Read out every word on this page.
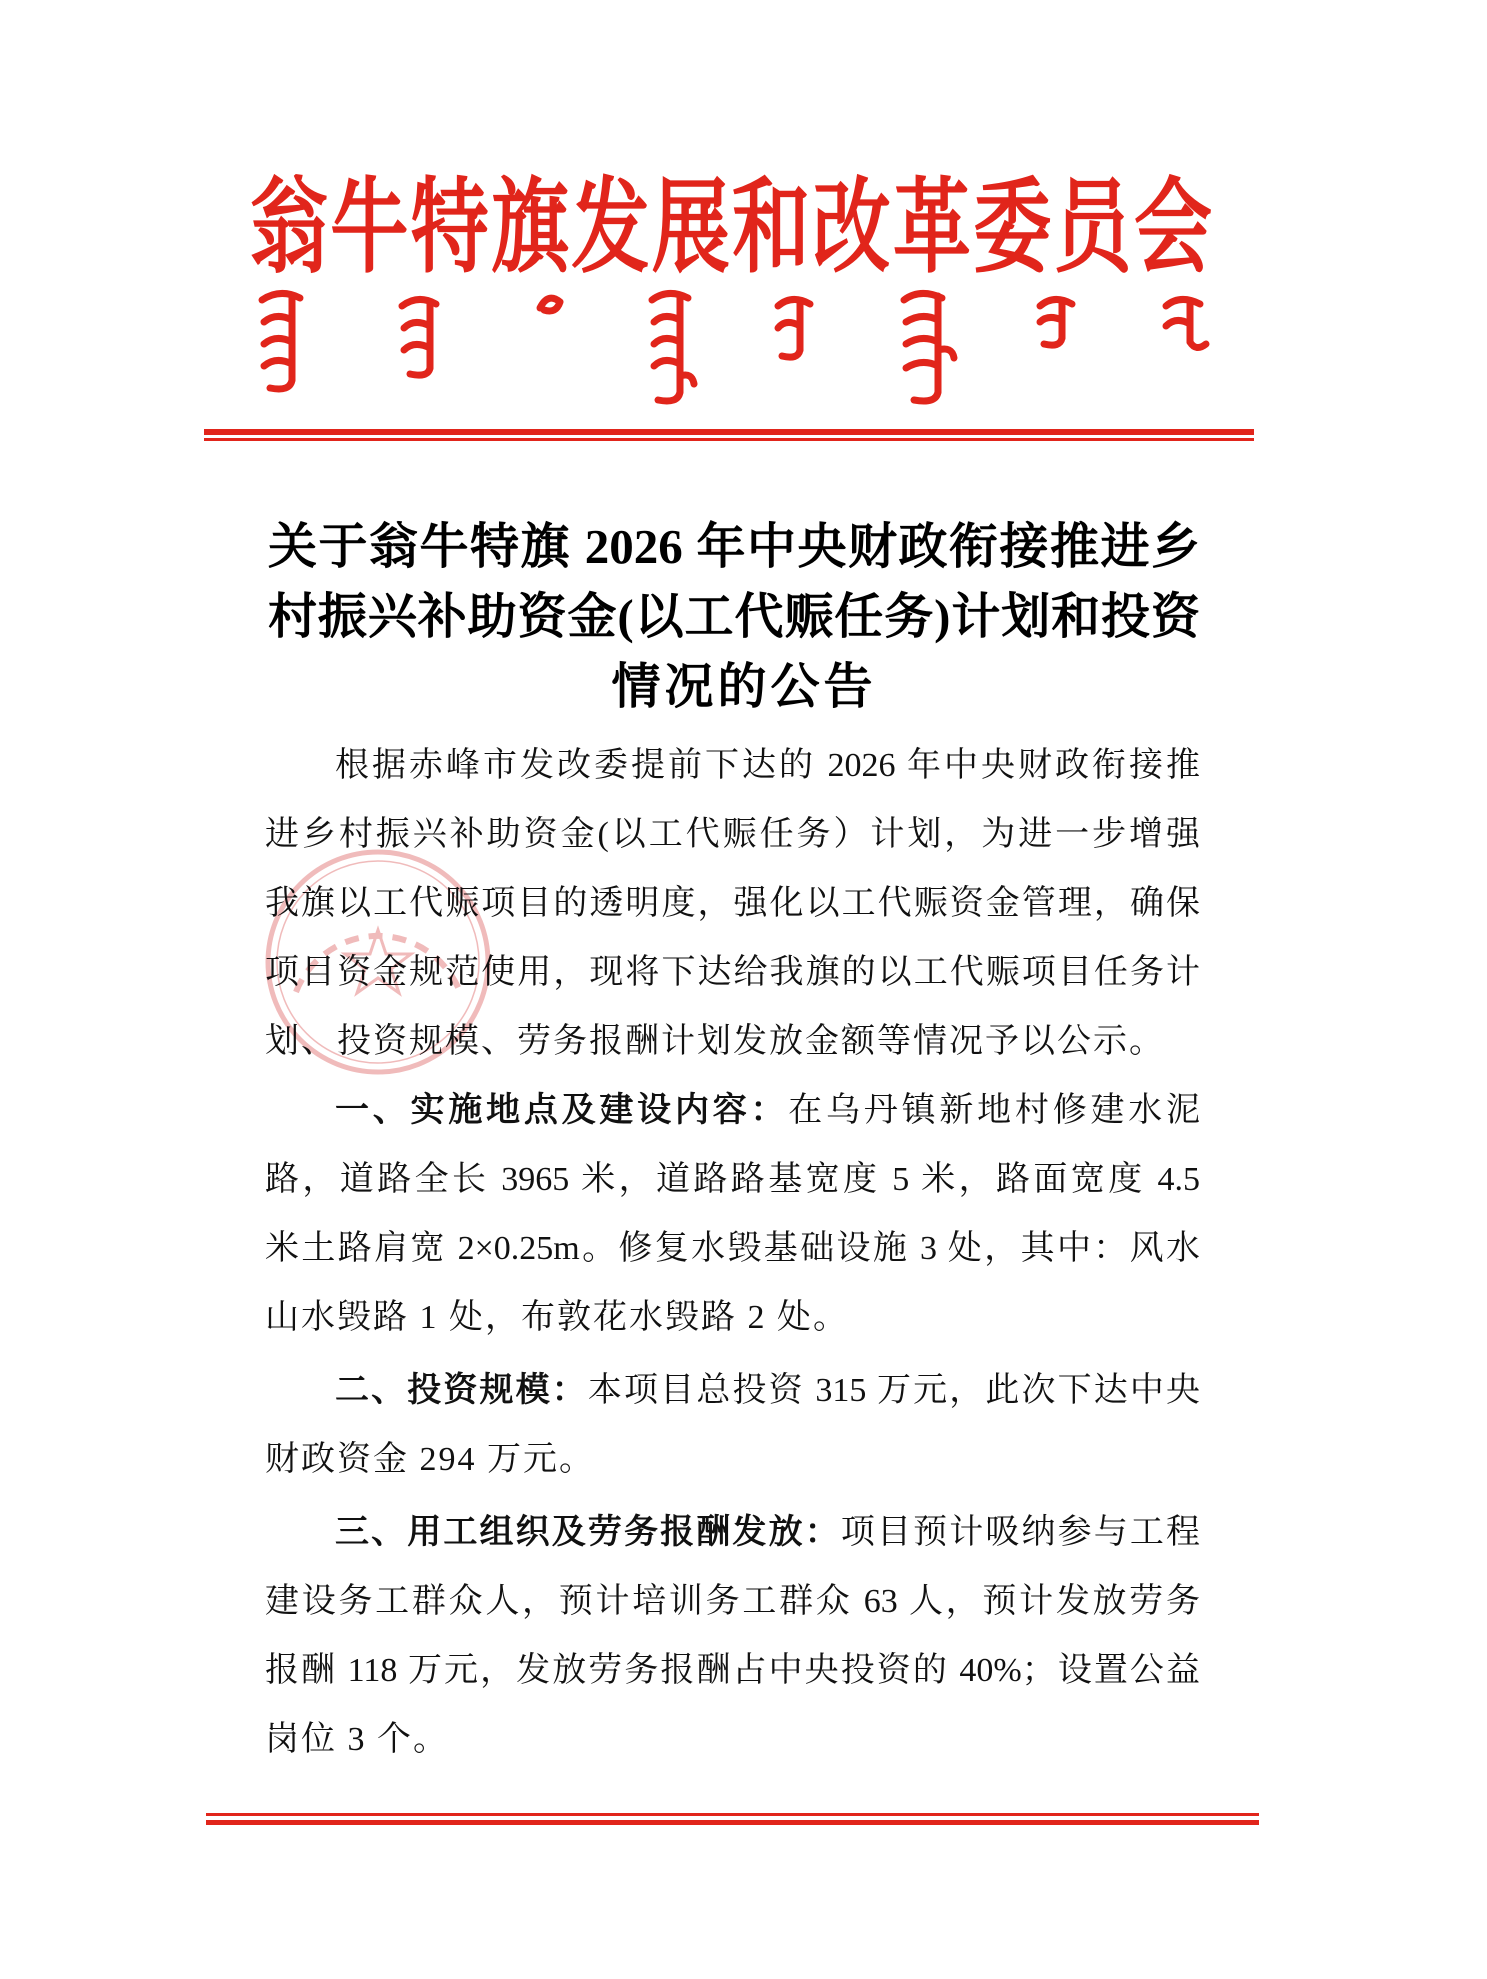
翁牛特旗发展和改革委员会
关于翁牛特旗 2026 年中央财政衔接推进乡
村振兴补助资金(以工代赈任务)计划和投资
情况的公告
根据赤峰市发改委提前下达的 2026 年中央财政衔接推
进乡村振兴补助资金(以工代赈任务）计划，为进一步增强
我旗以工代赈项目的透明度，强化以工代赈资金管理，确保
项目资金规范使用，现将下达给我旗的以工代赈项目任务计
划、投资规模、劳务报酬计划发放金额等情况予以公示。
一、实施地点及建设内容：在乌丹镇新地村修建水泥
路，道路全长 3965 米，道路路基宽度 5 米，路面宽度 4.5
米土路肩宽 2×0.25m。修复水毁基础设施 3 处，其中：风水
山水毁路 1 处，布敦花水毁路 2 处。
二、投资规模：本项目总投资 315 万元，此次下达中央
财政资金 294 万元。
三、用工组织及劳务报酬发放：项目预计吸纳参与工程
建设务工群众人，预计培训务工群众 63 人，预计发放劳务
报酬 118 万元，发放劳务报酬占中央投资的 40%；设置公益
岗位 3 个。
